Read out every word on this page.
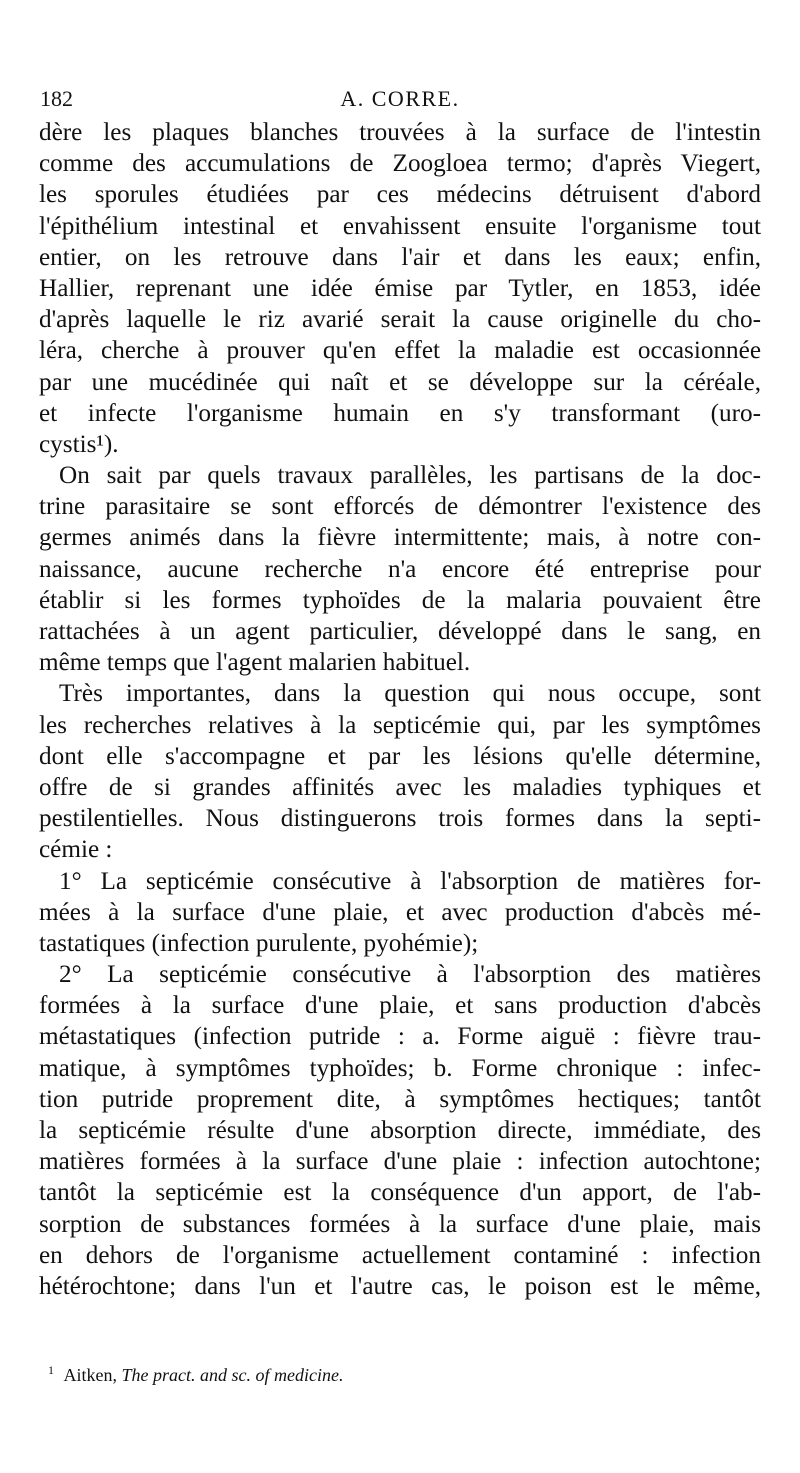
182	A. CORRE.
dère les plaques blanches trouvées à la surface de l'intestin
comme des accumulations de Zoogloea termo; d'après Viegert,
les sporules étudiées par ces médecins détruisent d'abord
l'épithélium intestinal et envahissent ensuite l'organisme tout
entier, on les retrouve dans l'air et dans les eaux; enfin,
Hallier, reprenant une idée émise par Tytler, en 1853, idée
d'après laquelle le riz avarié serait la cause originelle du cho-
léra, cherche à prouver qu'en effet la maladie est occasionnée
par une mucédinée qui naît et se développe sur la céréale,
et infecte l'organisme humain en s'y transformant (uro-
cystis¹).
On sait par quels travaux parallèles, les partisans de la doc-
trine parasitaire se sont efforcés de démontrer l'existence des
germes animés dans la fièvre intermittente; mais, à notre con-
naissance, aucune recherche n'a encore été entreprise pour
établir si les formes typhoïdes de la malaria pouvaient être
rattachées à un agent particulier, développé dans le sang, en
même temps que l'agent malarien habituel.
Très importantes, dans la question qui nous occupe, sont
les recherches relatives à la septicémie qui, par les symptômes
dont elle s'accompagne et par les lésions qu'elle détermine,
offre de si grandes affinités avec les maladies typhiques et
pestilentielles. Nous distinguerons trois formes dans la septi-
cémie :
1° La septicémie consécutive à l'absorption de matières for-
mées à la surface d'une plaie, et avec production d'abcès mé-
tastatiques (infection purulente, pyohémie);
2° La septicémie consécutive à l'absorption des matières
formées à la surface d'une plaie, et sans production d'abcès
métastatiques (infection putride : a. Forme aiguë : fièvre trau-
matique, à symptômes typhoïdes; b. Forme chronique : infec-
tion putride proprement dite, à symptômes hectiques; tantôt
la septicémie résulte d'une absorption directe, immédiate, des
matières formées à la surface d'une plaie : infection autochtone;
tantôt la septicémie est la conséquence d'un apport, de l'ab-
sorption de substances formées à la surface d'une plaie, mais
en dehors de l'organisme actuellement contaminé : infection
hétérochtone; dans l'un et l'autre cas, le poison est le même,
$^1$ Aitken, The pract. and sc. of medicine.
